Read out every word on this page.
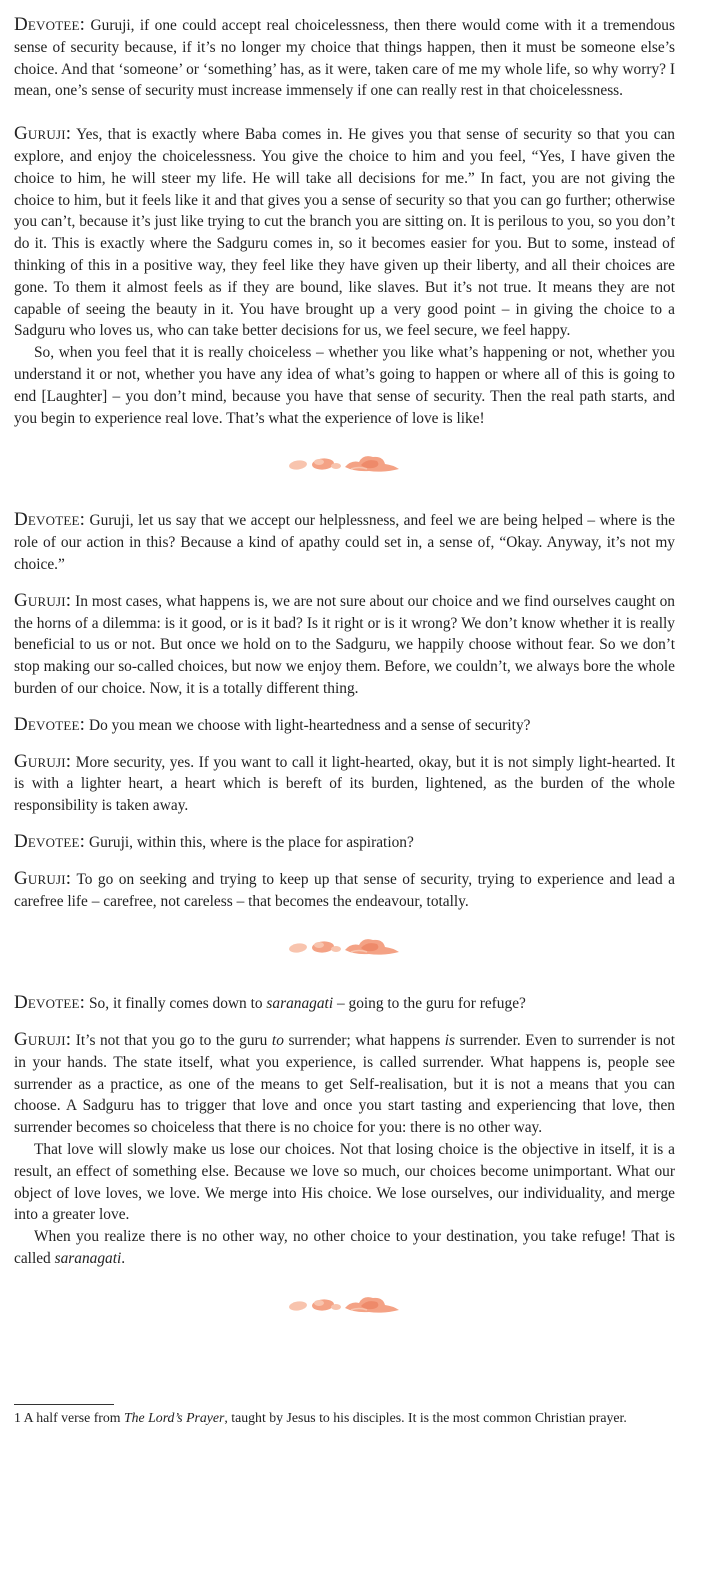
Devotee: Guruji, if one could accept real choicelessness, then there would come with it a tremendous sense of security because, if it’s no longer my choice that things happen, then it must be someone else’s choice. And that ‘someone’ or ‘something’ has, as it were, taken care of me my whole life, so why worry? I mean, one’s sense of security must increase immensely if one can really rest in that choicelessness.

Guruji: Yes, that is exactly where Baba comes in. He gives you that sense of security so that you can explore, and enjoy the choicelessness. You give the choice to him and you feel, “Yes, I have given the choice to him, he will steer my life. He will take all decisions for me.” In fact, you are not giving the choice to him, but it feels like it and that gives you a sense of security so that you can go further; otherwise you can’t, because it’s just like trying to cut the branch you are sitting on. It is perilous to you, so you don’t do it. This is exactly where the Sadguru comes in, so it becomes easier for you. But to some, instead of thinking of this in a positive way, they feel like they have given up their liberty, and all their choices are gone. To them it almost feels as if they are bound, like slaves. But it’s not true. It means they are not capable of seeing the beauty in it. You have brought up a very good point – in giving the choice to a Sadguru who loves us, who can take better decisions for us, we feel secure, we feel happy.

So, when you feel that it is really choiceless – whether you like what’s happening or not, whether you understand it or not, whether you have any idea of what’s going to happen or where all of this is going to end [Laughter] – you don’t mind, because you have that sense of security. Then the real path starts, and you begin to experience real love. That’s what the experience of love is like!

Devotee: Guruji, let us say that we accept our helplessness, and feel we are being helped – where is the role of our action in this? Because a kind of apathy could set in, a sense of, “Okay. Anyway, it’s not my choice.”

Guruji: In most cases, what happens is, we are not sure about our choice and we find ourselves caught on the horns of a dilemma: is it good, or is it bad? Is it right or is it wrong? We don’t know whether it is really beneficial to us or not. But once we hold on to the Sadguru, we happily choose without fear. So we don’t stop making our so-called choices, but now we enjoy them. Before, we couldn’t, we always bore the whole burden of our choice. Now, it is a totally different thing.

Devotee: Do you mean we choose with light-heartedness and a sense of security?

Guruji: More security, yes. If you want to call it light-hearted, okay, but it is not simply light-hearted. It is with a lighter heart, a heart which is bereft of its burden, lightened, as the burden of the whole responsibility is taken away.

Devotee: Guruji, within this, where is the place for aspiration?

Guruji: To go on seeking and trying to keep up that sense of security, trying to experience and lead a carefree life – carefree, not careless – that becomes the endeavour, totally.

Devotee: So, it finally comes down to saranagati – going to the guru for refuge?

Guruji: It’s not that you go to the guru to surrender; what happens is surrender. Even to surrender is not in your hands. The state itself, what you experience, is called surrender. What happens is, people see surrender as a practice, as one of the means to get Self-realisation, but it is not a means that you can choose. A Sadguru has to trigger that love and once you start tasting and experiencing that love, then surrender becomes so choiceless that there is no choice for you: there is no other way.

That love will slowly make us lose our choices. Not that losing choice is the objective in itself, it is a result, an effect of something else. Because we love so much, our choices become unimportant. What our object of love loves, we love. We merge into His choice. We lose ourselves, our individuality, and merge into a greater love.

When you realize there is no other way, no other choice to your destination, you take refuge! That is called saranagati.

1 A half verse from The Lord’s Prayer, taught by Jesus to his disciples. It is the most common Christian prayer.
